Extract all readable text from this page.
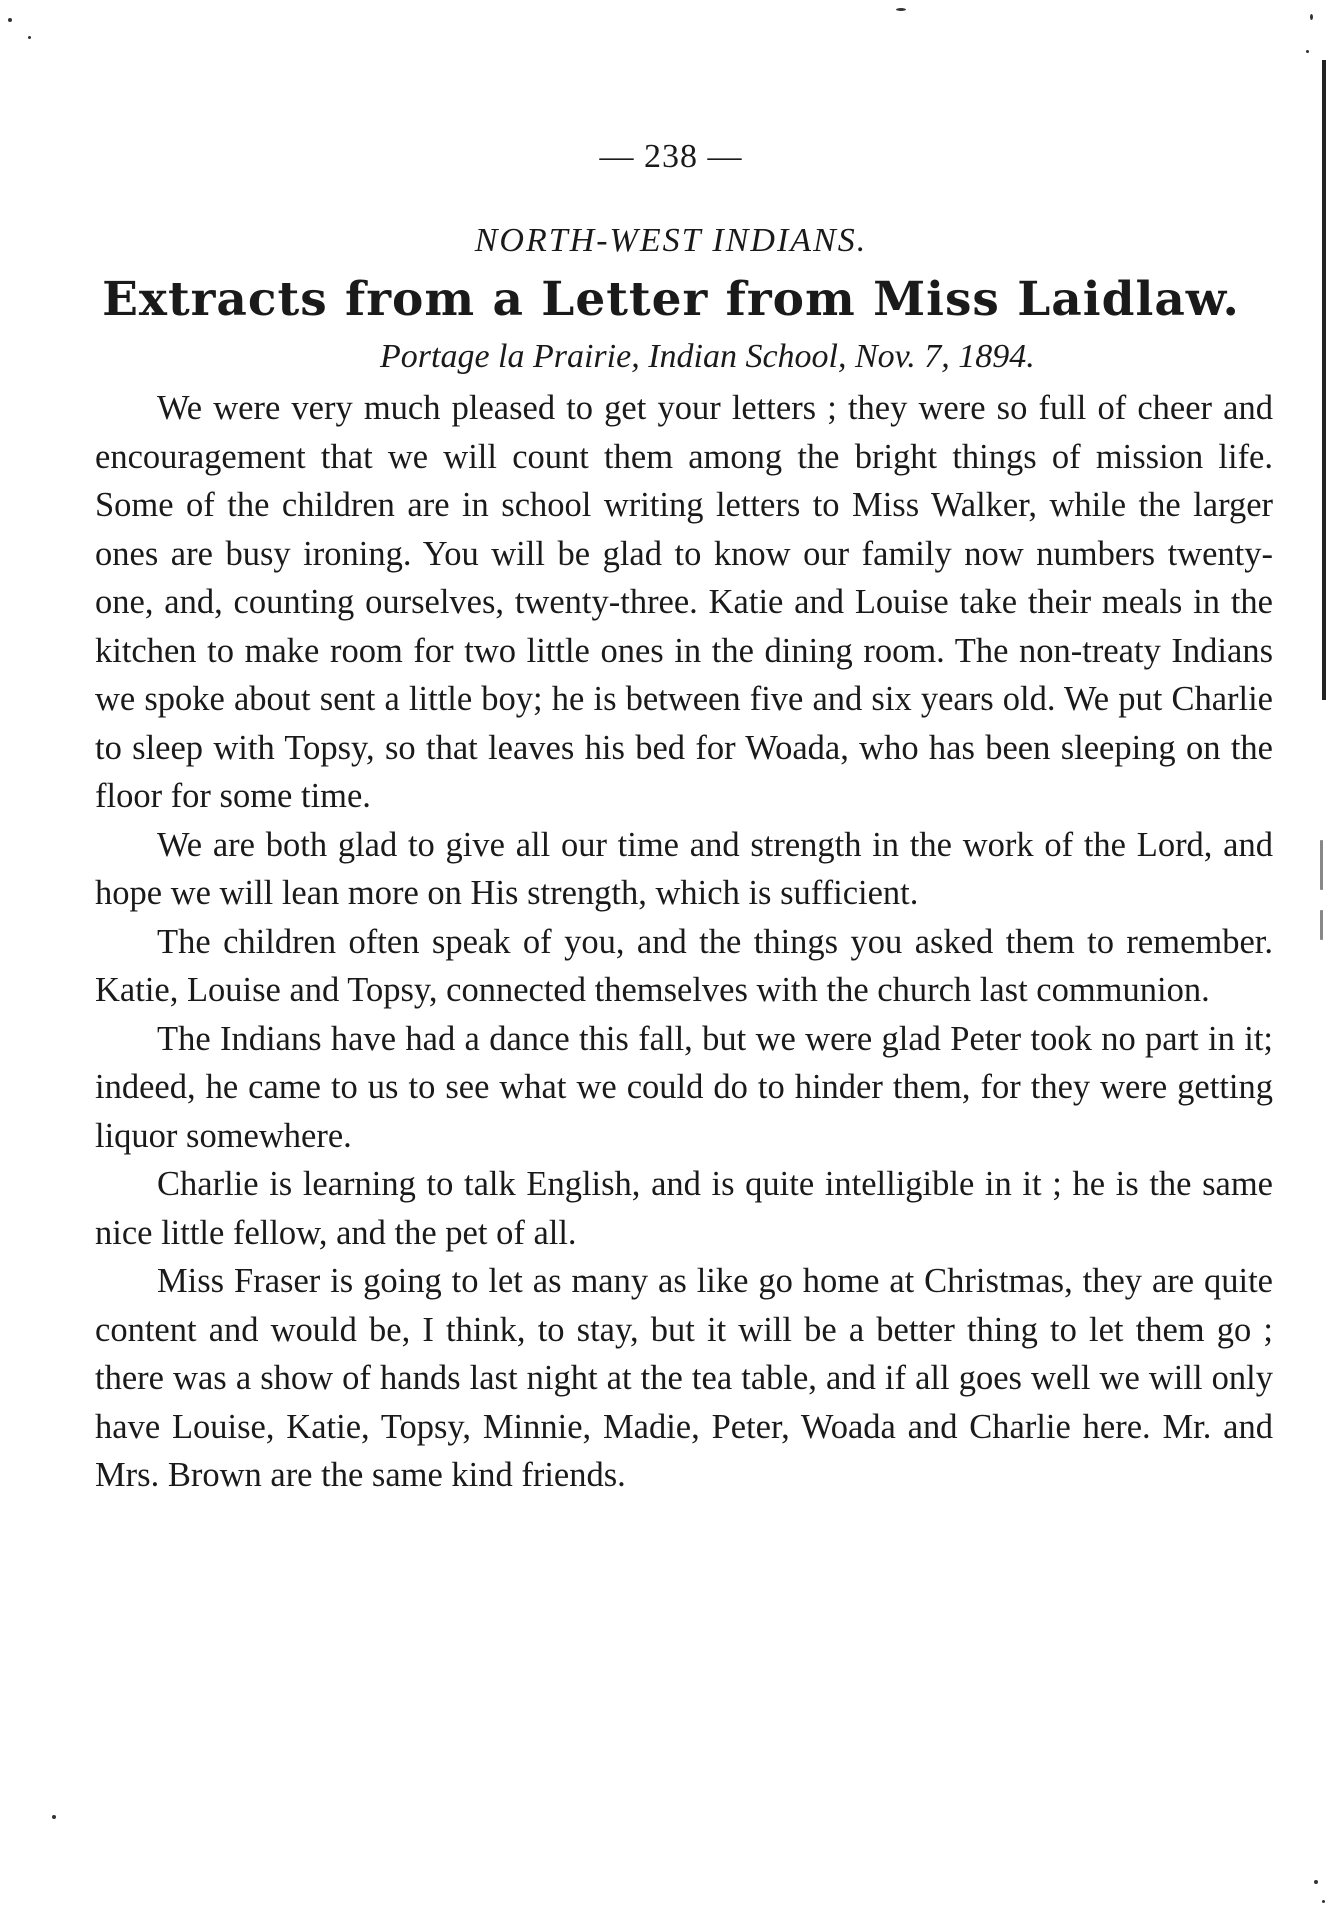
— 238 —
NORTH-WEST INDIANS.
Extracts from a Letter from Miss Laidlaw.
Portage la Prairie, Indian School, Nov. 7, 1894.

We were very much pleased to get your letters ; they were so full of cheer and encouragement that we will count them among the bright things of mission life. Some of the children are in school writing letters to Miss Walker, while the larger ones are busy ironing. You will be glad to know our family now numbers twenty-one, and, counting ourselves, twenty-three. Katie and Louise take their meals in the kitchen to make room for two little ones in the dining room. The non-treaty Indians we spoke about sent a little boy; he is between five and six years old. We put Charlie to sleep with Topsy, so that leaves his bed for Woada, who has been sleeping on the floor for some time.

We are both glad to give all our time and strength in the work of the Lord, and hope we will lean more on His strength, which is sufficient.

The children often speak of you, and the things you asked them to remember. Katie, Louise and Topsy, connected themselves with the church last communion.

The Indians have had a dance this fall, but we were glad Peter took no part in it; indeed, he came to us to see what we could do to hinder them, for they were getting liquor somewhere.

Charlie is learning to talk English, and is quite intelligible in it ; he is the same nice little fellow, and the pet of all.

Miss Fraser is going to let as many as like go home at Christmas, they are quite content and would be, I think, to stay, but it will be a better thing to let them go ; there was a show of hands last night at the tea table, and if all goes well we will only have Louise, Katie, Topsy, Minnie, Madie, Peter, Woada and Charlie here. Mr. and Mrs. Brown are the same kind friends.
